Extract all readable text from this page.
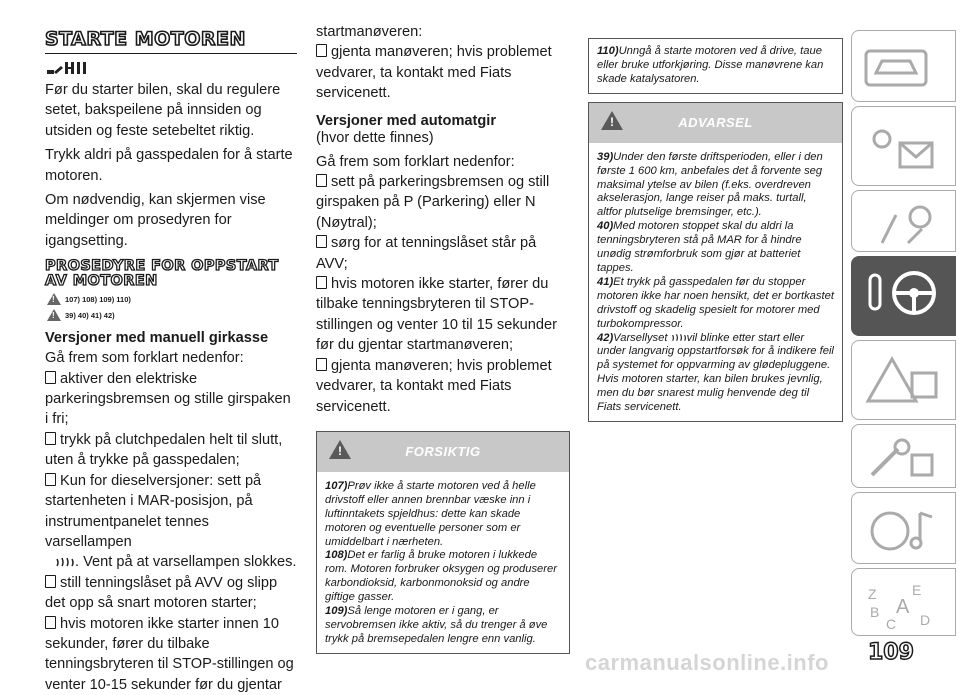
STARTE MOTOREN

Før du starter bilen, skal du regulere setet, bakspeilene på innsiden og utsiden og feste setebeltet riktig.

Trykk aldri på gasspedalen for å starte motoren.

Om nødvendig, kan skjermen vise meldinger om prosedyren for igangsetting.

PROSEDYRE FOR OPPSTART AV MOTOREN
!
107) 108) 109) 110)
!
39) 40) 41) 42)
Versjoner med manuell girkasse

Gå frem som forklart nedenfor:

aktiver den elektriske parkeringsbremsen og stille girspaken i fri;
trykk på clutchpedalen helt til slutt, uten å trykke på gasspedalen;
Kun for dieselversjoner: sett på startenheten i MAR-posisjon, på instrumentpanelet tennes varsellampen
. Vent på at varsellampen slokkes.
still tenningslåset på AVV og slipp det opp så snart motoren starter;
hvis motoren ikke starter innen 10 sekunder, fører du tilbake tenningsbryteren til STOP-stillingen og venter 10-15 sekunder før du gjentar

startmanøveren:

gjenta manøveren; hvis problemet vedvarer, ta kontakt med Fiats servicenett.
Versjoner med automatgir

(hvor dette finnes)

Gå frem som forklart nedenfor:

sett på parkeringsbremsen og still girspaken på P (Parkering) eller N (Nøytral);
sørg for at tenningslåset står på AVV;
hvis motoren ikke starter, fører du tilbake tenningsbryteren til STOP-stillingen og venter 10 til 15 sekunder før du gjentar startmanøveren;
gjenta manøveren; hvis problemet vedvarer, ta kontakt med Fiats servicenett.
!
FORSIKTIG
107)Prøv ikke å starte motoren ved å helle drivstoff eller annen brennbar væske inn i luftinntakets spjeldhus: dette kan skade motoren og eventuelle personer som er umiddelbart i nærheten.
108)Det er farlig å bruke motoren i lukkede rom. Motoren forbruker oksygen og produserer karbondioksid, karbonmonoksid og andre giftige gasser.
109)Så lenge motoren er i gang, er servobremsen ikke aktiv, så du trenger å øve trykk på bremsepedalen lengre enn vanlig.
110)Unngå å starte motoren ved å drive, taue eller bruke utforkjøring. Disse manøvrene kan skade katalysatoren.
!
ADVARSEL
39)Under den første driftsperioden, eller i den første 1 600 km, anbefales det å forvente seg maksimal ytelse av bilen (f.eks. overdreven akselerasjon, lange reiser på maks. turtall, altfor plutselige bremsinger, etc.).
40)Med motoren stoppet skal du aldri la tenningsbryteren stå på MAR for å hindre unødig strømforbruk som gjør at batteriet tappes.
41)Et trykk på gasspedalen før du stopper motoren ikke har noen hensikt, det er bortkastet drivstoff og skadelig spesielt for motorer med turbokompressor.
42)Varsellyset vil blinke etter start eller under langvarig oppstartforsøk for å indikere feil på systemet for oppvarming av glødepluggene. Hvis motoren starter, kan bilen brukes jevnlig, men du bør snarest mulig henvende deg til Fiats servicenett.
Z	E
B A
C D
carmanualsonline.info 109
